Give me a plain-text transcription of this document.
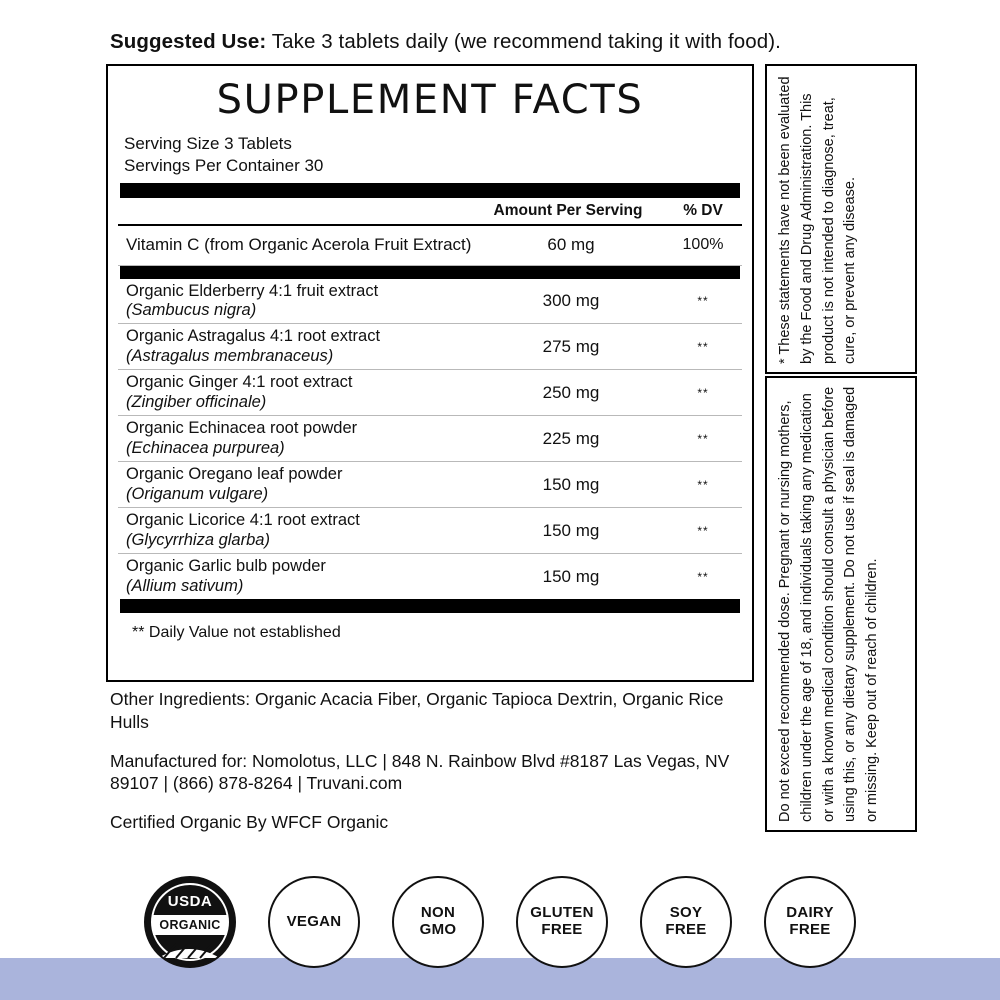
Suggested Use: Take 3 tablets daily (we recommend taking it with food).
SUPPLEMENT FACTS
Serving Size 3 Tablets
Servings Per Container 30
Amount Per Serving	% DV
Vitamin C (from Organic Acerola Fruit Extract)	60 mg	100%
Organic Elderberry 4:1 fruit extract
(Sambucus nigra)	300 mg	**
Organic Astragalus 4:1 root extract
(Astragalus membranaceus)	275 mg	**
Organic Ginger 4:1 root extract
(Zingiber officinale)	250 mg	**
Organic Echinacea root powder
(Echinacea purpurea)	225 mg	**
Organic Oregano leaf powder
(Origanum vulgare)	150 mg	**
Organic Licorice 4:1 root extract
(Glycyrrhiza glarba)	150 mg	**
Organic Garlic bulb powder
(Allium sativum)	150 mg	**
** Daily Value not established

Other Ingredients: Organic Acacia Fiber, Organic Tapioca Dextrin, Organic Rice Hulls

Manufactured for: Nomolotus, LLC | 848 N. Rainbow Blvd #8187 Las Vegas, NV 89107 | (866) 878-8264 | Truvani.com

Certified Organic By WFCF Organic

* These statements have not been evaluated by the Food and Drug Administration. This product is not intended to diagnose, treat, cure, or prevent any disease.
Do not exceed recommended dose. Pregnant or nursing mothers, children under the age of 18, and individuals taking any medication or with a known medical condition should consult a physician before using this, or any dietary supplement. Do not use if seal is damaged or missing. Keep out of reach of children.
USDA
ORGANIC	VEGAN	NON
GMO
GLUTEN
FREE
SOY
FREE
DAIRY
FREE
